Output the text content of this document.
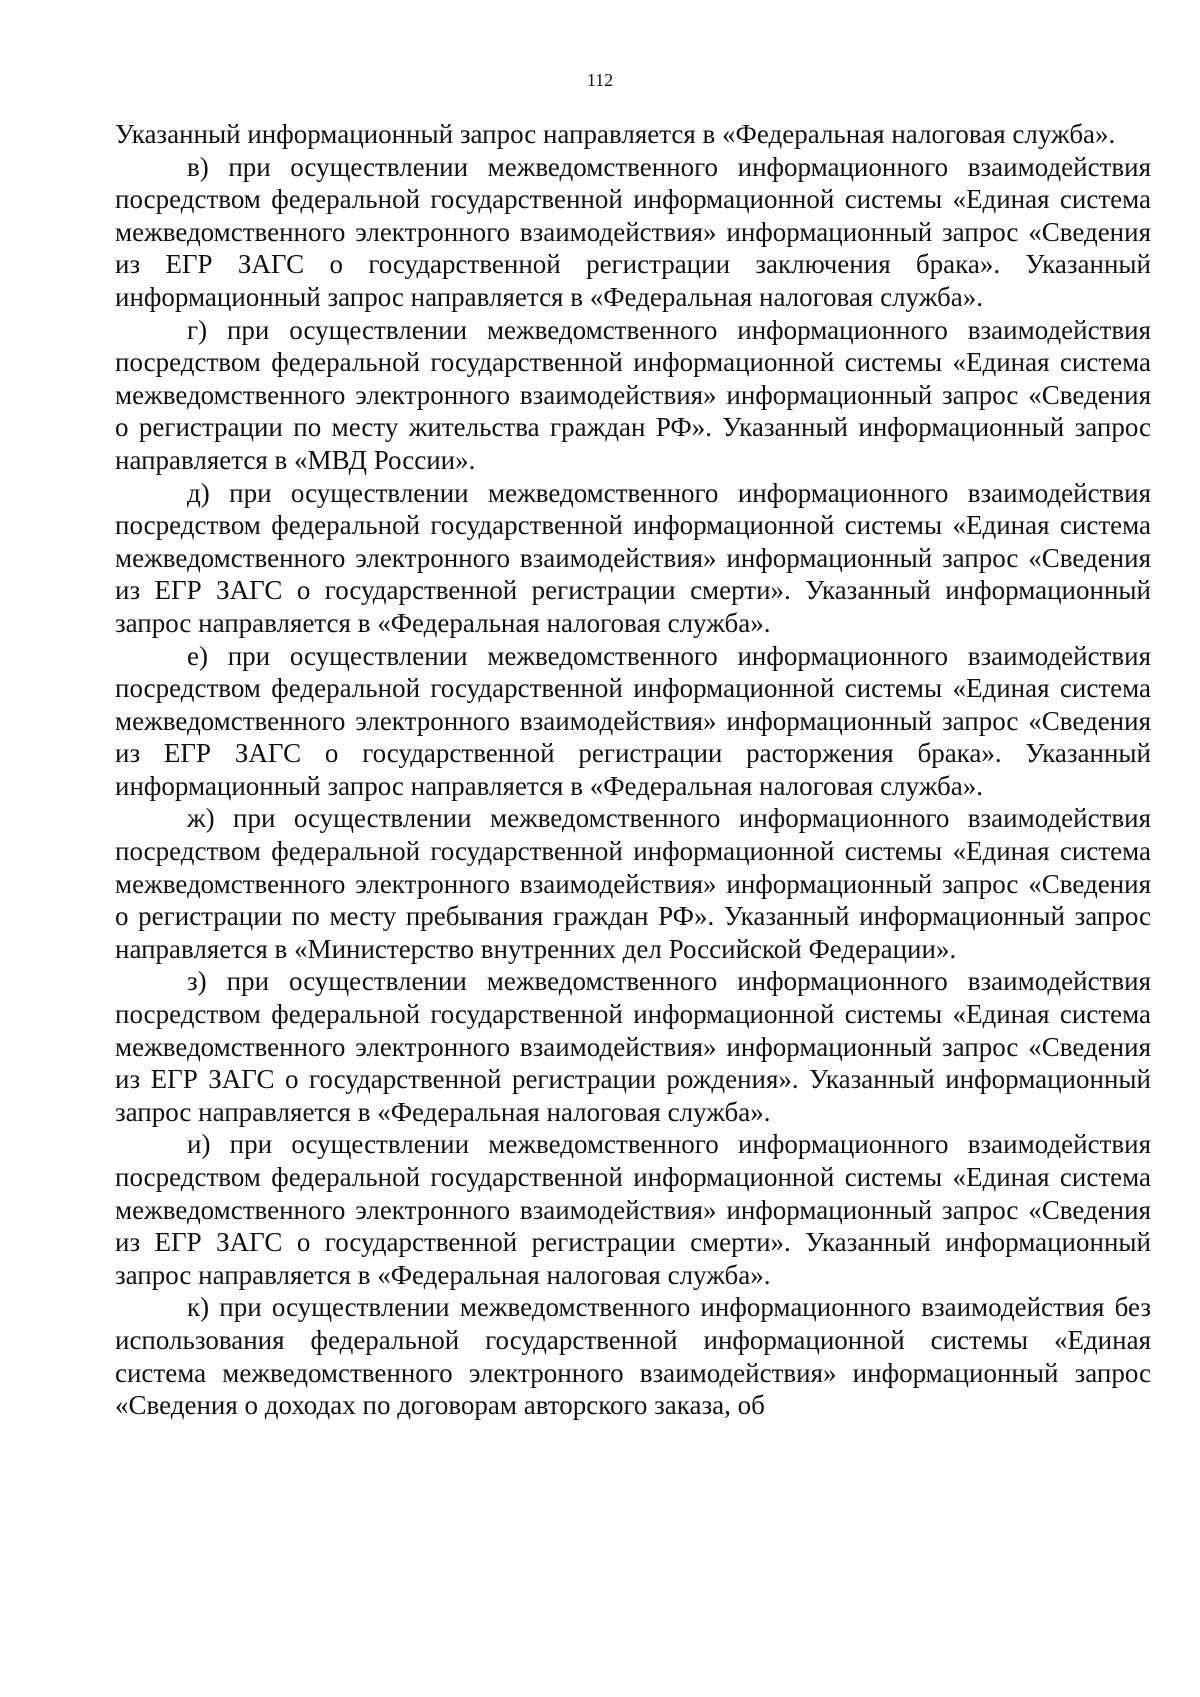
112

Указанный информационный запрос направляется в «Федеральная налоговая служба».

в) при осуществлении межведомственного информационного взаимодействия посредством федеральной государственной информационной системы «Единая система межведомственного электронного взаимодействия» информационный запрос «Сведения из ЕГР ЗАГС о государственной регистрации заключения брака». Указанный информационный запрос направляется в «Федеральная налоговая служба».

г) при осуществлении межведомственного информационного взаимодействия посредством федеральной государственной информационной системы «Единая система межведомственного электронного взаимодействия» информационный запрос «Сведения о регистрации по месту жительства граждан РФ». Указанный информационный запрос направляется в «МВД России».

д) при осуществлении межведомственного информационного взаимодействия посредством федеральной государственной информационной системы «Единая система межведомственного электронного взаимодействия» информационный запрос «Сведения из ЕГР ЗАГС о государственной регистрации смерти». Указанный информационный запрос направляется в «Федеральная налоговая служба».

е) при осуществлении межведомственного информационного взаимодействия посредством федеральной государственной информационной системы «Единая система межведомственного электронного взаимодействия» информационный запрос «Сведения из ЕГР ЗАГС о государственной регистрации расторжения брака». Указанный информационный запрос направляется в «Федеральная налоговая служба».

ж) при осуществлении межведомственного информационного взаимодействия посредством федеральной государственной информационной системы «Единая система межведомственного электронного взаимодействия» информационный запрос «Сведения о регистрации по месту пребывания граждан РФ». Указанный информационный запрос направляется в «Министерство внутренних дел Российской Федерации».

з) при осуществлении межведомственного информационного взаимодействия посредством федеральной государственной информационной системы «Единая система межведомственного электронного взаимодействия» информационный запрос «Сведения из ЕГР ЗАГС о государственной регистрации рождения». Указанный информационный запрос направляется в «Федеральная налоговая служба».

и) при осуществлении межведомственного информационного взаимодействия посредством федеральной государственной информационной системы «Единая система межведомственного электронного взаимодействия» информационный запрос «Сведения из ЕГР ЗАГС о государственной регистрации смерти». Указанный информационный запрос направляется в «Федеральная налоговая служба».

к) при осуществлении межведомственного информационного взаимодействия без использования федеральной государственной информационной системы «Единая система межведомственного электронного взаимодействия» информационный запрос «Сведения о доходах по договорам авторского заказа, об
